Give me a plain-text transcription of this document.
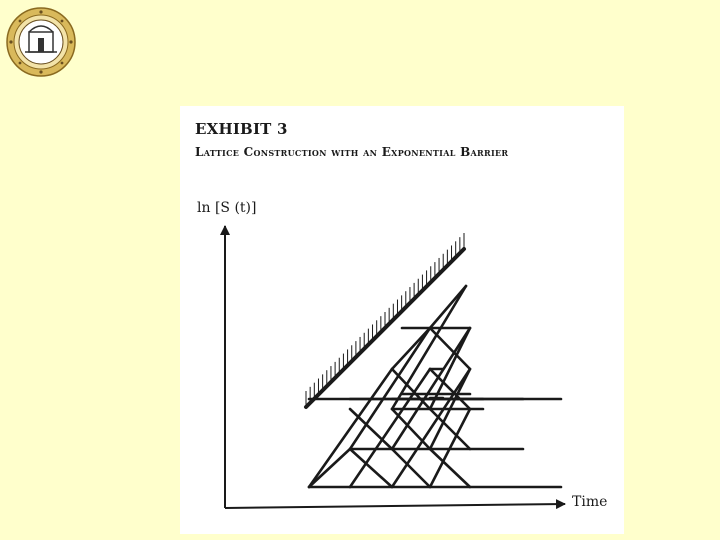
EXHIBIT 3
Lattice Construction with an Exponential Barrier
ln [S (t)]
Time
